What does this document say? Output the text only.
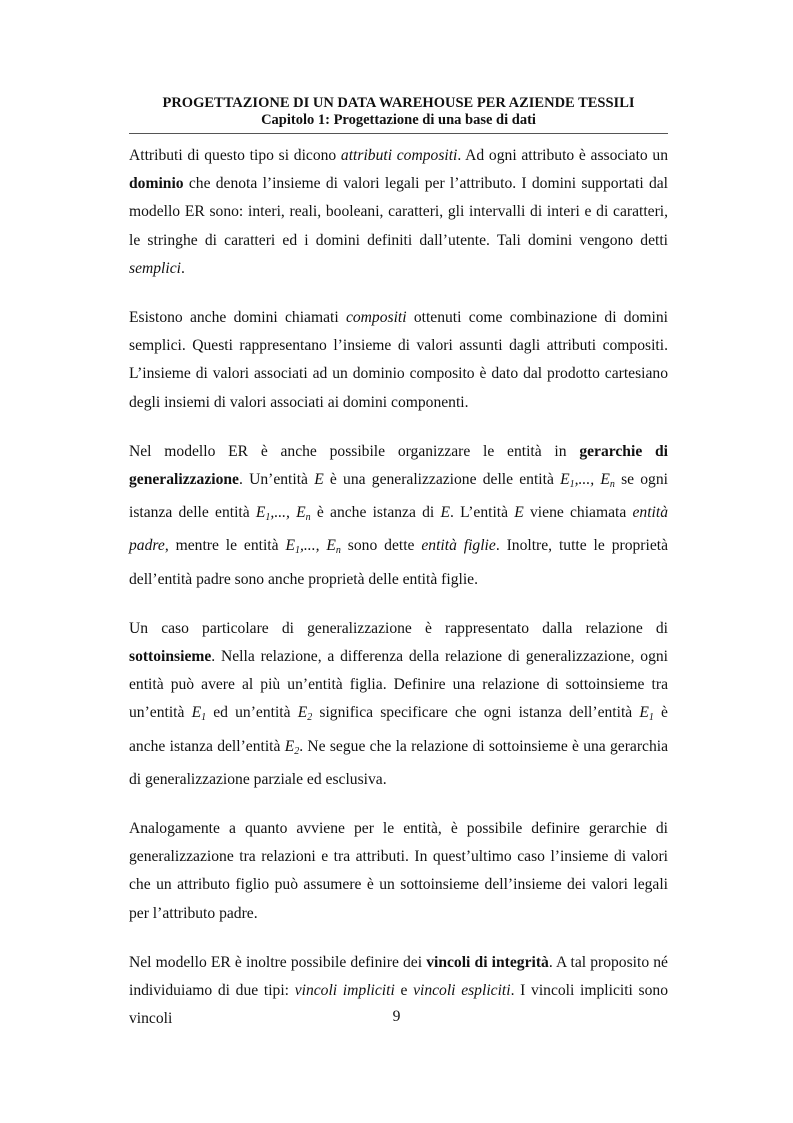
PROGETTAZIONE DI UN DATA WAREHOUSE PER AZIENDE TESSILI
Capitolo 1: Progettazione di una base di dati

Attributi di questo tipo si dicono attributi compositi. Ad ogni attributo è associato un dominio che denota l’insieme di valori legali per l’attributo. I domini supportati dal modello ER sono: interi, reali, booleani, caratteri, gli intervalli di interi e di caratteri, le stringhe di caratteri ed i domini definiti dall’utente. Tali domini vengono detti semplici.

Esistono anche domini chiamati compositi ottenuti come combinazione di domini semplici. Questi rappresentano l’insieme di valori assunti dagli attributi compositi. L’insieme di valori associati ad un dominio composito è dato dal prodotto cartesiano degli insiemi di valori associati ai domini componenti.

Nel modello ER è anche possibile organizzare le entità in gerarchie di generalizzazione. Un’entità E è una generalizzazione delle entità $E_1$,..., $E_n$ se ogni istanza delle entità $E_1$,..., $E_n$ è anche istanza di E. L’entità E viene chiamata entità padre, mentre le entità $E_1$,..., $E_n$ sono dette entità figlie. Inoltre, tutte le proprietà dell’entità padre sono anche proprietà delle entità figlie.

Un caso particolare di generalizzazione è rappresentato dalla relazione di sottoinsieme. Nella relazione, a differenza della relazione di generalizzazione, ogni entità può avere al più un’entità figlia. Definire una relazione di sottoinsieme tra un’entità $E_1$ ed un’entità $E_2$ significa specificare che ogni istanza dell’entità $E_1$ è anche istanza dell’entità $E_2$. Ne segue che la relazione di sottoinsieme è una gerarchia di generalizzazione parziale ed esclusiva.

Analogamente a quanto avviene per le entità, è possibile definire gerarchie di generalizzazione tra relazioni e tra attributi. In quest’ultimo caso l’insieme di valori che un attributo figlio può assumere è un sottoinsieme dell’insieme dei valori legali per l’attributo padre.

Nel modello ER è inoltre possibile definire dei vincoli di integrità. A tal proposito né individuiamo di due tipi: vincoli impliciti e vincoli espliciti. I vincoli impliciti sono vincoli	9
